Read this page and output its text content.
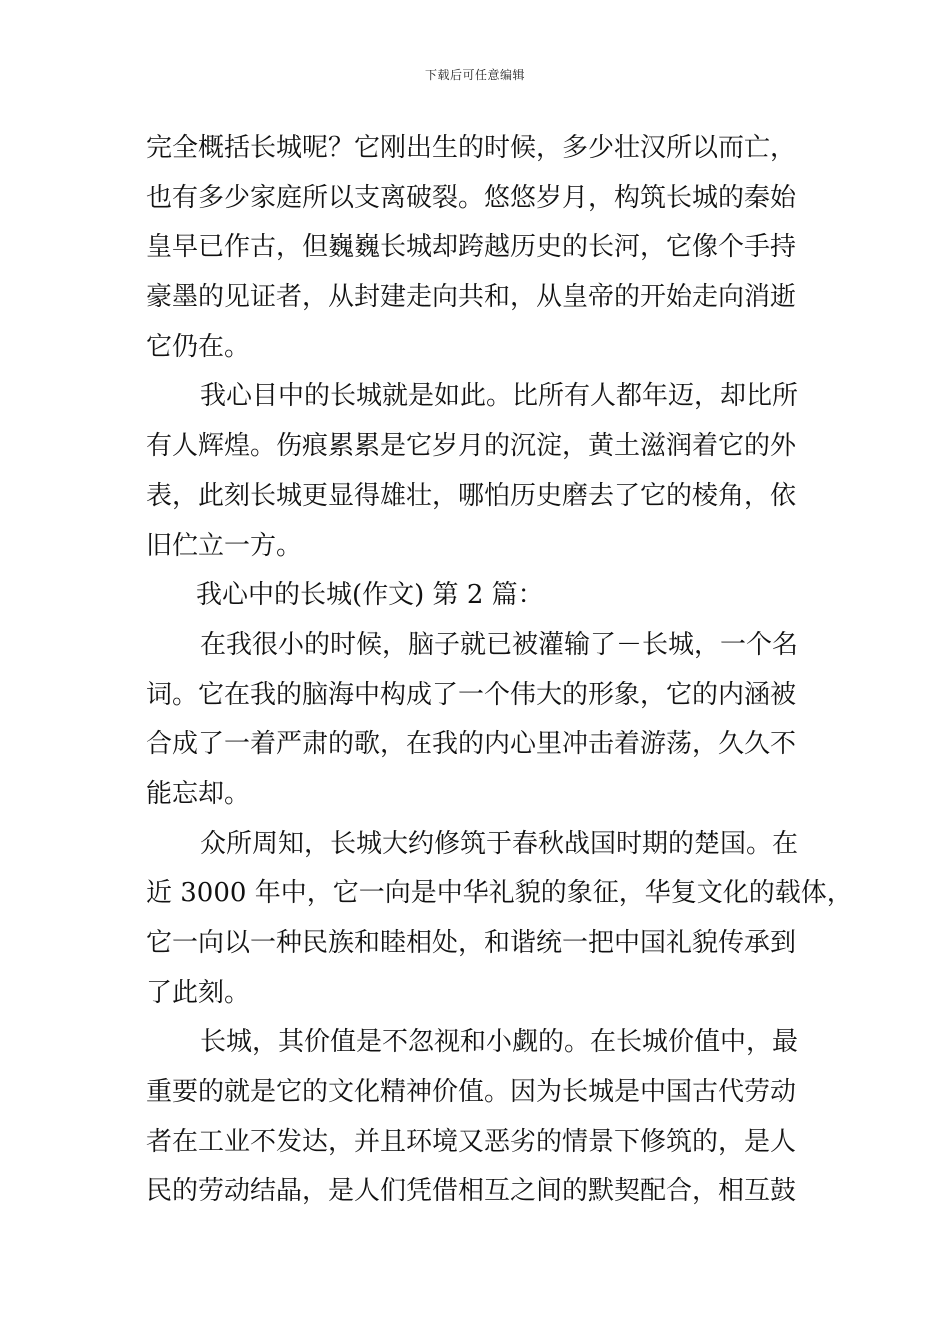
下载后可任意编辑
完全概括长城呢？它刚出生的时候，多少壮汉所以而亡，
也有多少家庭所以支离破裂。悠悠岁月，构筑长城的秦始
皇早已作古，但巍巍长城却跨越历史的长河，它像个手持
豪墨的见证者，从封建走向共和，从皇帝的开始走向消逝
它仍在。
我心目中的长城就是如此。比所有人都年迈，却比所
有人辉煌。伤痕累累是它岁月的沉淀，黄土滋润着它的外
表，此刻长城更显得雄壮，哪怕历史磨去了它的棱角，依
旧伫立一方。
我心中的长城(作文) 第 2 篇：
在我很小的时候，脑子就已被灌输了－长城，一个名
词。它在我的脑海中构成了一个伟大的形象，它的内涵被
合成了一着严肃的歌，在我的内心里冲击着游荡，久久不
能忘却。
众所周知，长城大约修筑于春秋战国时期的楚国。在
近 3000 年中，它一向是中华礼貌的象征，华复文化的载体，
它一向以一种民族和睦相处，和谐统一把中国礼貌传承到
了此刻。
长城，其价值是不忽视和小觑的。在长城价值中，最
重要的就是它的文化精神价值。因为长城是中国古代劳动
者在工业不发达，并且环境又恶劣的情景下修筑的，是人
民的劳动结晶，是人们凭借相互之间的默契配合，相互鼓
